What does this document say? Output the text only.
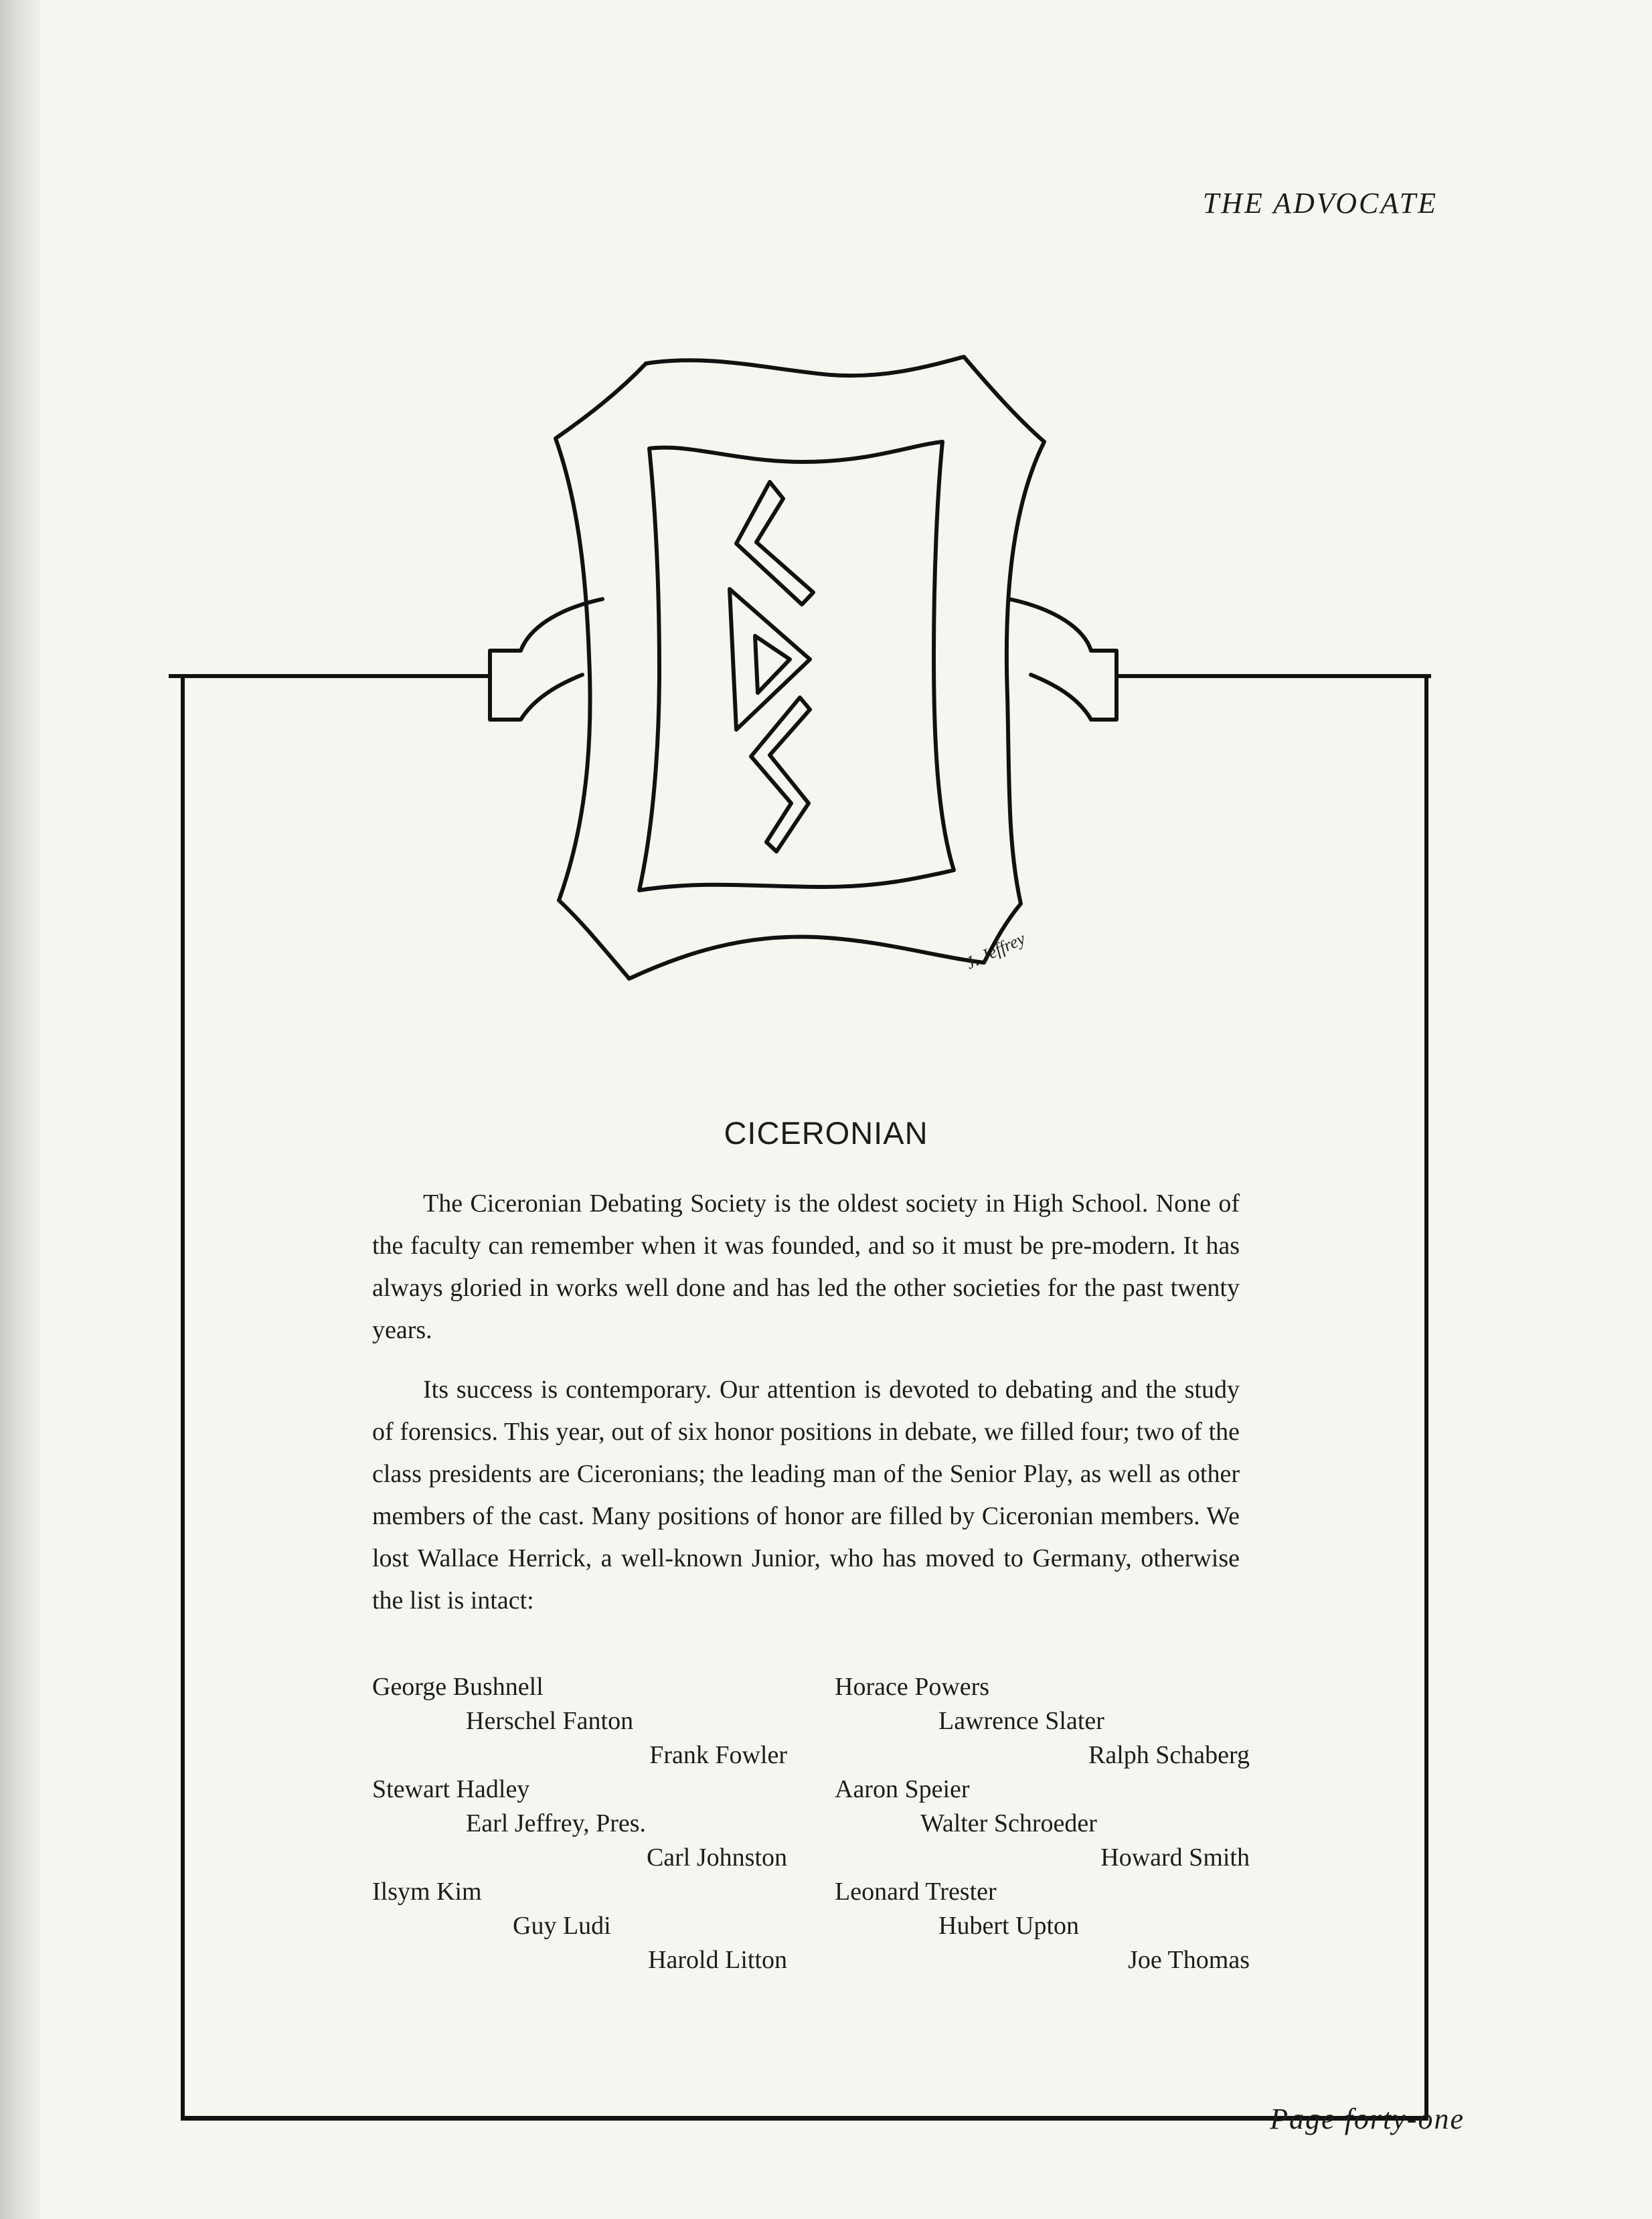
THE ADVOCATE
J. Jeffrey
CICERONIAN

The Ciceronian Debating Society is the oldest society in High School. None of the faculty can remember when it was founded, and so it must be pre-modern. It has always gloried in works well done and has led the other societies for the past twenty years.

Its success is contemporary. Our attention is devoted to debating and the study of forensics. This year, out of six honor positions in debate, we filled four; two of the class presidents are Ciceronians; the leading man of the Senior Play, as well as other members of the cast. Many positions of honor are filled by Ciceronian members. We lost Wallace Herrick, a well-known Junior, who has moved to Germany, otherwise the list is intact:

George Bushnell
Herschel Fanton
Frank Fowler
Stewart Hadley
Earl Jeffrey, Pres.
Carl Johnston
Ilsym Kim
Guy Ludi
Harold Litton
Horace Powers
Lawrence Slater
Ralph Schaberg
Aaron Speier
Walter Schroeder
Howard Smith
Leonard Trester
Hubert Upton
Joe Thomas
Page forty-one
